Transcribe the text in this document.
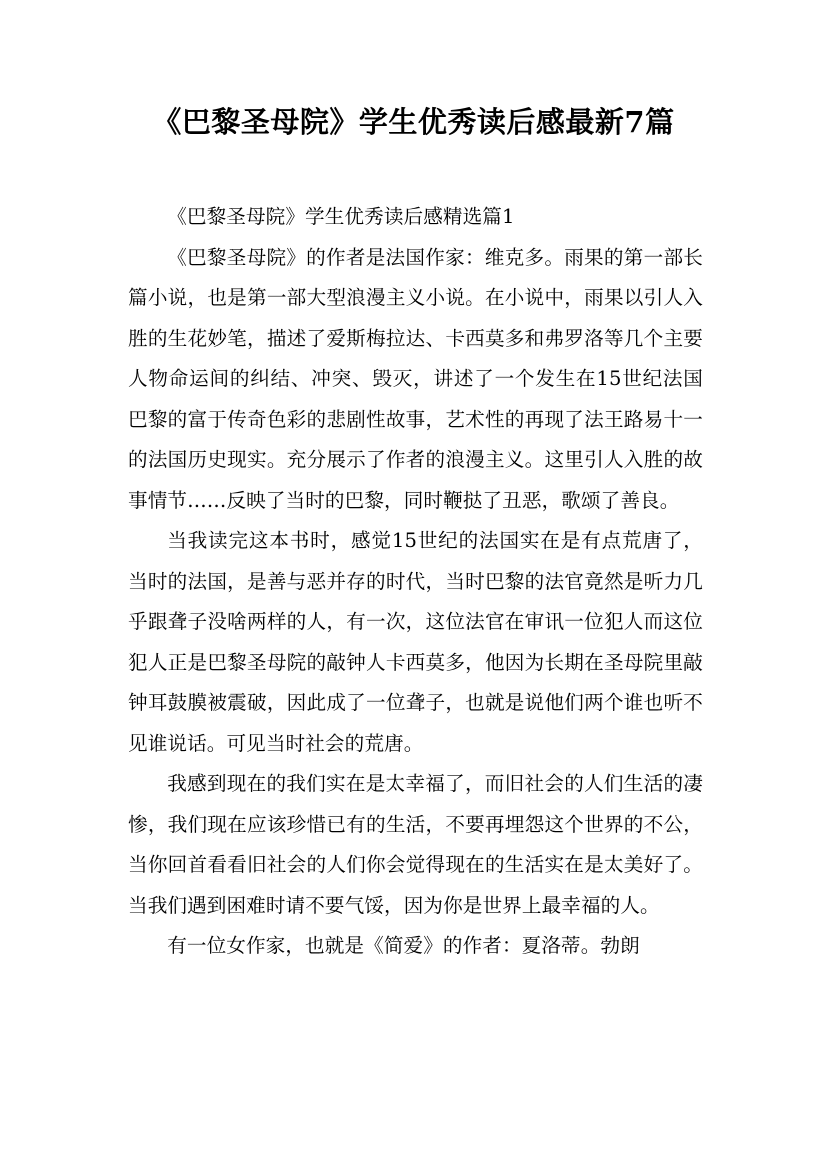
《巴黎圣母院》学生优秀读后感最新7篇

《巴黎圣母院》学生优秀读后感精选篇1

《巴黎圣母院》的作者是法国作家：维克多。雨果的第一部长篇小说，也是第一部大型浪漫主义小说。在小说中，雨果以引人入胜的生花妙笔，描述了爱斯梅拉达、卡西莫多和弗罗洛等几个主要人物命运间的纠结、冲突、毁灭，讲述了一个发生在15世纪法国巴黎的富于传奇色彩的悲剧性故事，艺术性的再现了法王路易十一的法国历史现实。充分展示了作者的浪漫主义。这里引人入胜的故事情节……反映了当时的巴黎，同时鞭挞了丑恶，歌颂了善良。

当我读完这本书时，感觉15世纪的法国实在是有点荒唐了，当时的法国，是善与恶并存的时代，当时巴黎的法官竟然是听力几乎跟聋子没啥两样的人，有一次，这位法官在审讯一位犯人而这位犯人正是巴黎圣母院的敲钟人卡西莫多，他因为长期在圣母院里敲钟耳鼓膜被震破，因此成了一位聋子，也就是说他们两个谁也听不见谁说话。可见当时社会的荒唐。

我感到现在的我们实在是太幸福了，而旧社会的人们生活的凄惨，我们现在应该珍惜已有的生活，不要再埋怨这个世界的不公，当你回首看看旧社会的人们你会觉得现在的生活实在是太美好了。当我们遇到困难时请不要气馁，因为你是世界上最幸福的人。

有一位女作家，也就是《简爱》的作者：夏洛蒂。勃朗
